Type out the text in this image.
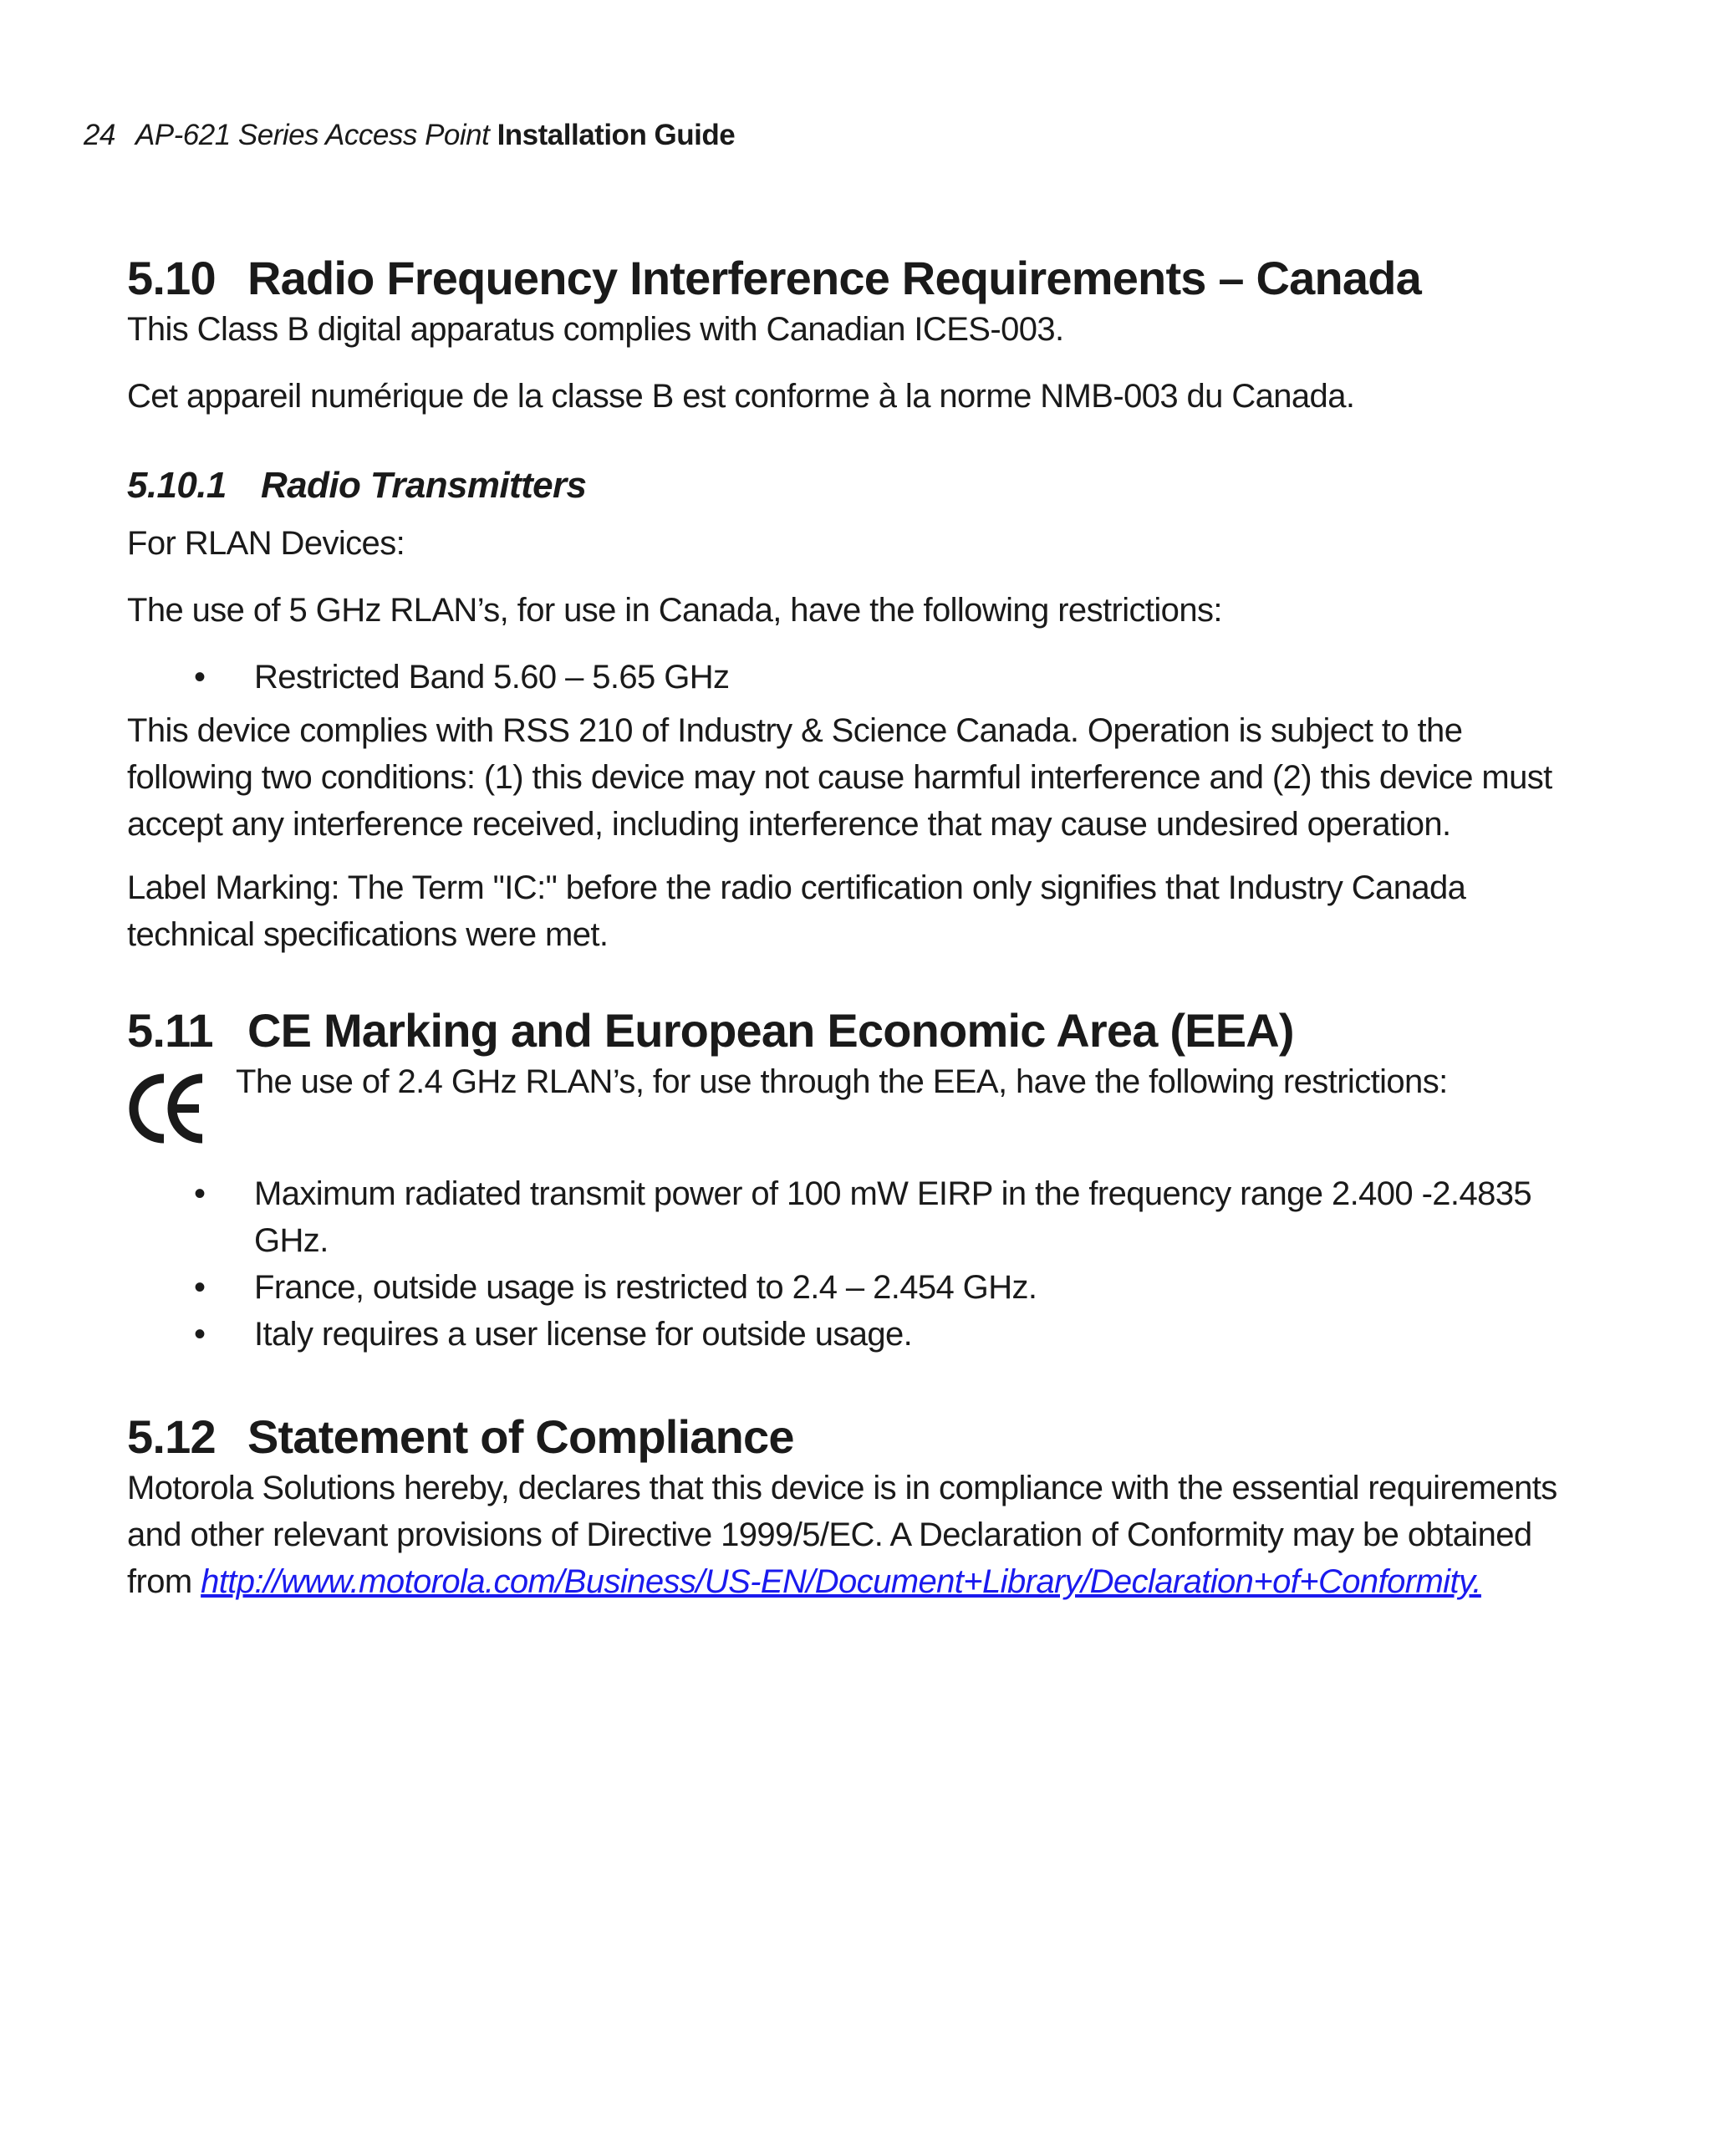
24 AP-621 Series Access Point Installation Guide
5.10 Radio Frequency Interference Requirements – Canada

This Class B digital apparatus complies with Canadian ICES-003.

Cet appareil numérique de la classe B est conforme à la norme NMB-003 du Canada.

5.10.1 Radio Transmitters

For RLAN Devices:

The use of 5 GHz RLAN’s, for use in Canada, have the following restrictions:

• Restricted Band 5.60 – 5.65 GHz
This device complies with RSS 210 of Industry & Science Canada. Operation is subject to the
following two conditions: (1) this device may not cause harmful interference and (2) this device must
accept any interference received, including interference that may cause undesired operation.
Label Marking: The Term "IC:" before the radio certification only signifies that Industry Canada
technical specifications were met.
5.11 CE Marking and European Economic Area (EEA)

The use of 2.4 GHz RLAN’s, for use through the EEA, have the following restrictions:

• Maximum radiated transmit power of 100 mW EIRP in the frequency range 2.400 -2.4835
GHz.
• France, outside usage is restricted to 2.4 – 2.454 GHz.
• Italy requires a user license for outside usage.
5.12 Statement of Compliance
Motorola Solutions hereby, declares that this device is in compliance with the essential requirements
and other relevant provisions of Directive 1999/5/EC. A Declaration of Conformity may be obtained
from http://www.motorola.com/Business/US-EN/Document+Library/Declaration+of+Conformity.
